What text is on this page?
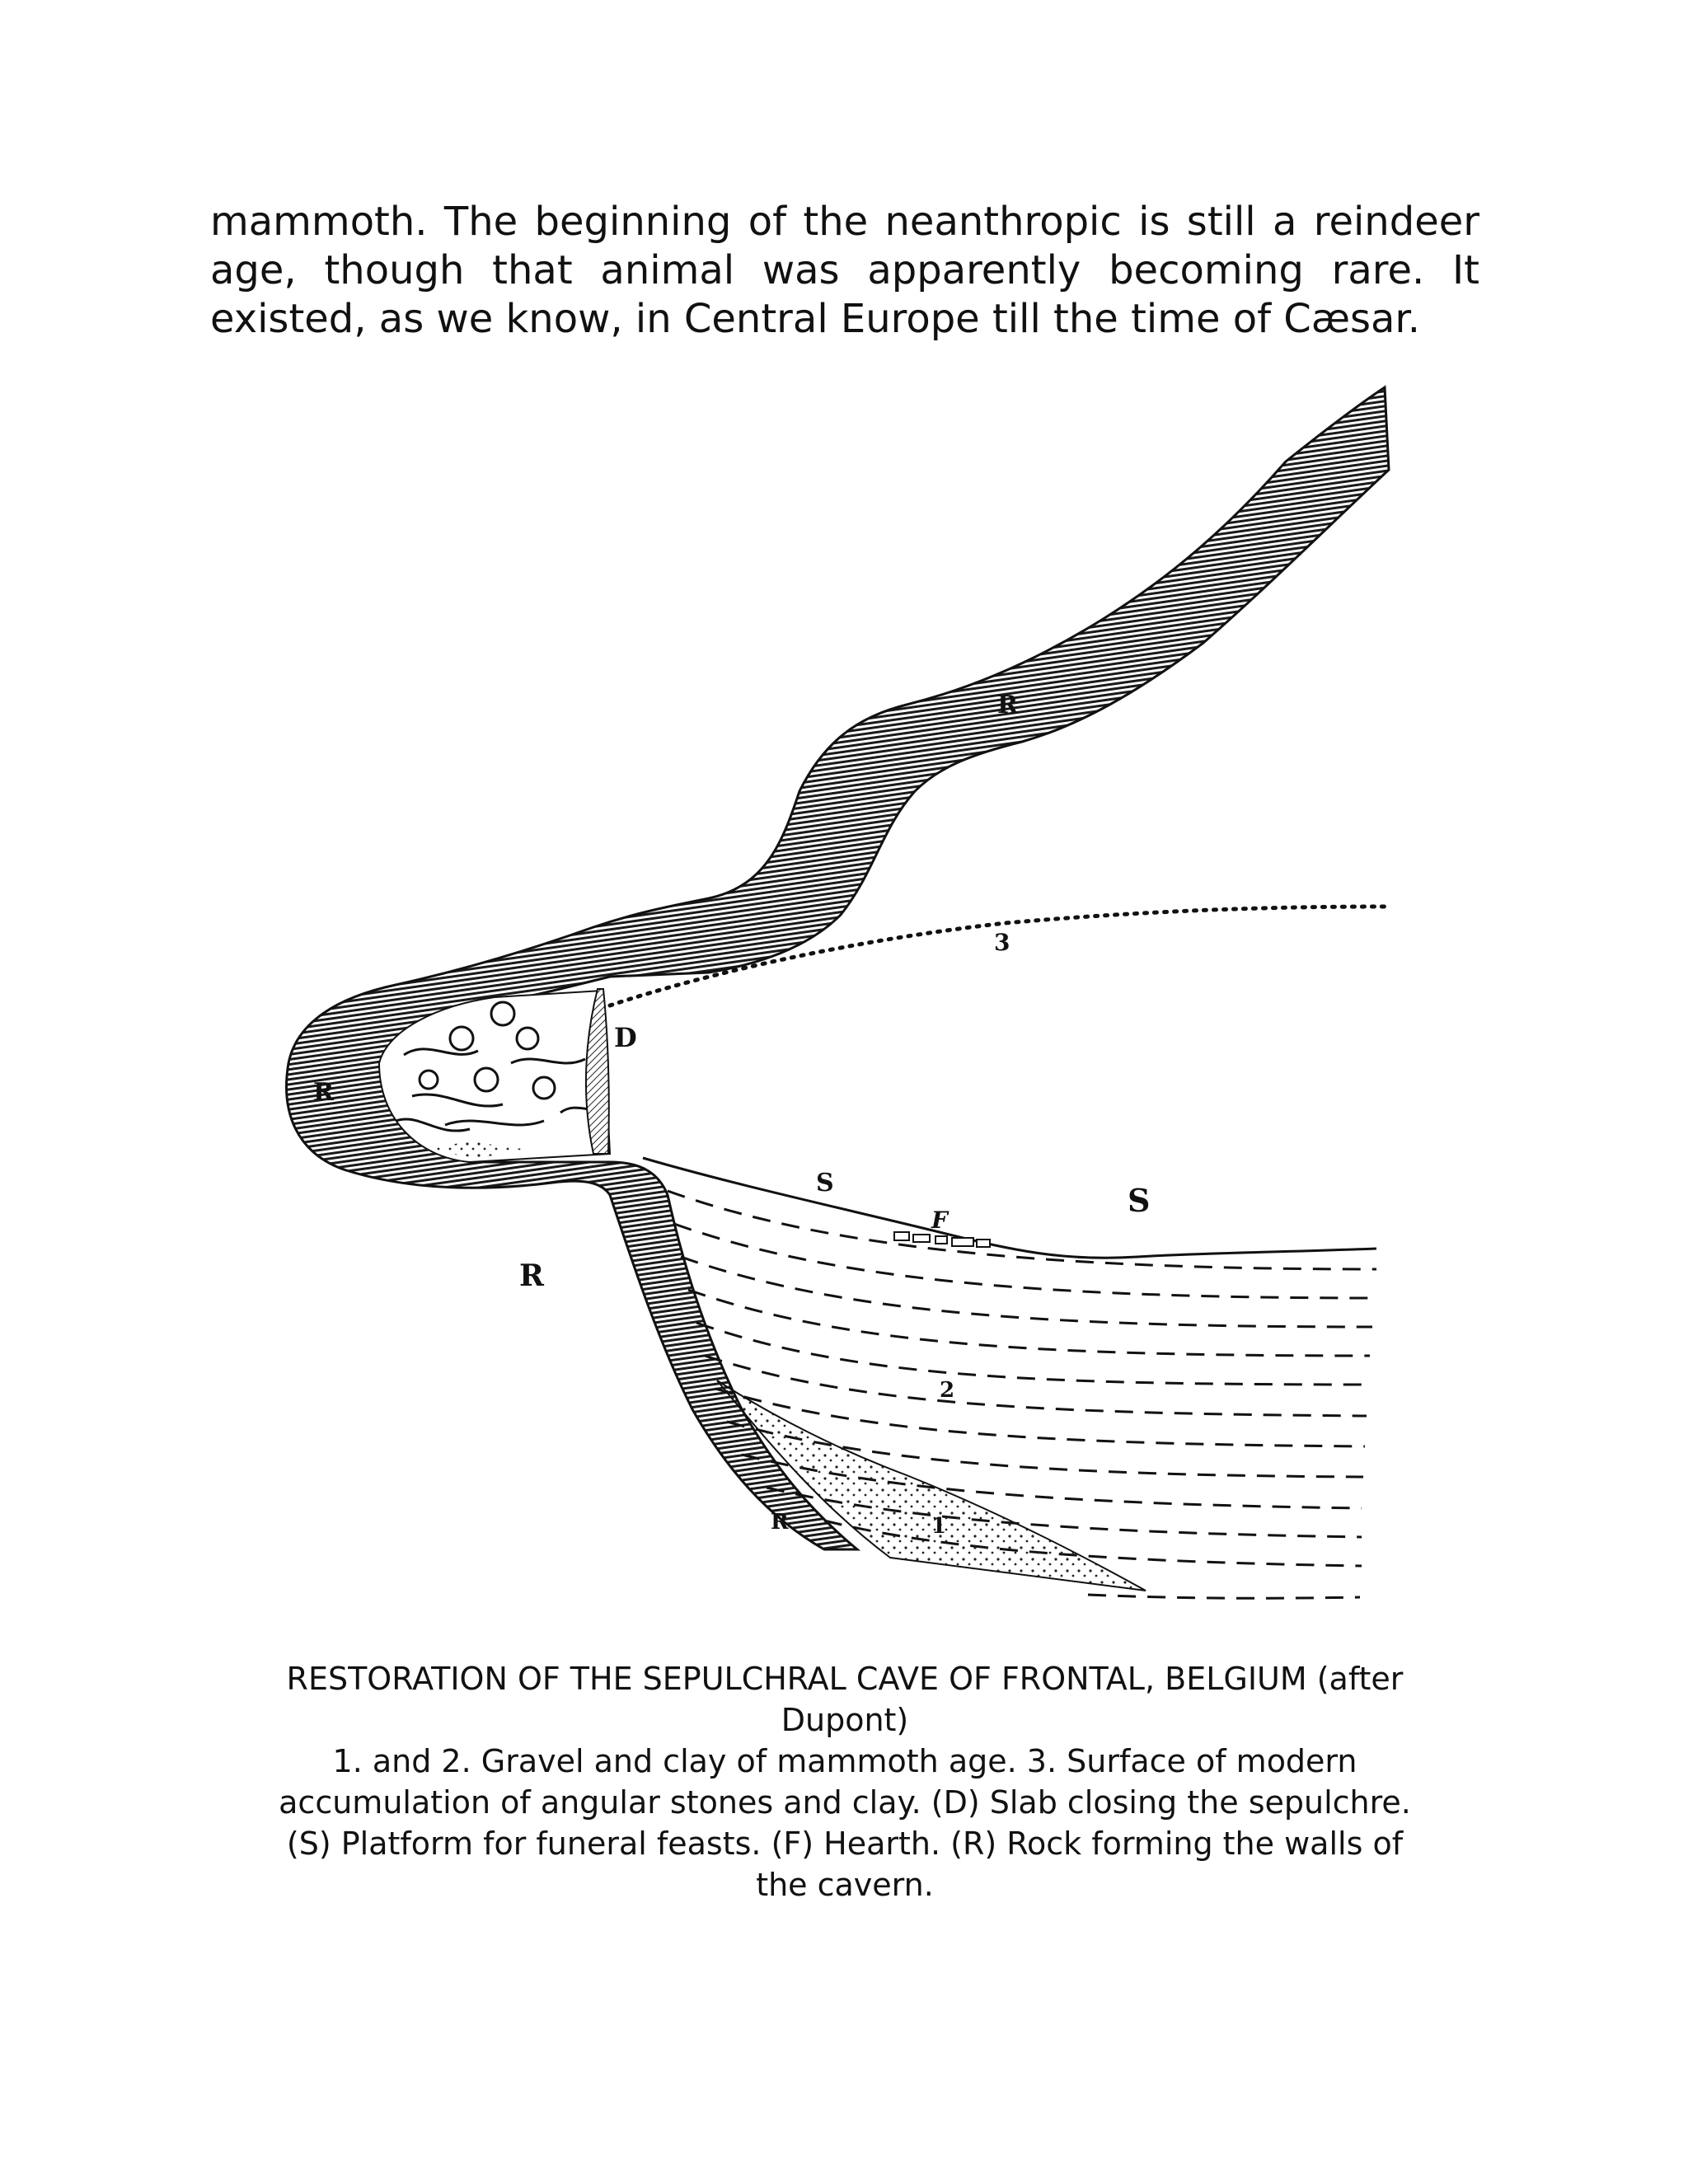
mammoth. The beginning of the neanthropic is still a reindeer age, though that animal was apparently becoming rare. It existed, as we know, in Central Europe till the time of Cæsar.

R
R
R
R
D
3
S	S
F
2
1
RESTORATION OF THE SEPULCHRAL CAVE OF FRONTAL, BELGIUM (after Dupont)
1. and 2. Gravel and clay of mammoth age. 3. Surface of modern accumulation of angular stones and clay. (D) Slab closing the sepulchre. (S) Platform for funeral feasts. (F) Hearth. (R) Rock forming the walls of the cavern.
